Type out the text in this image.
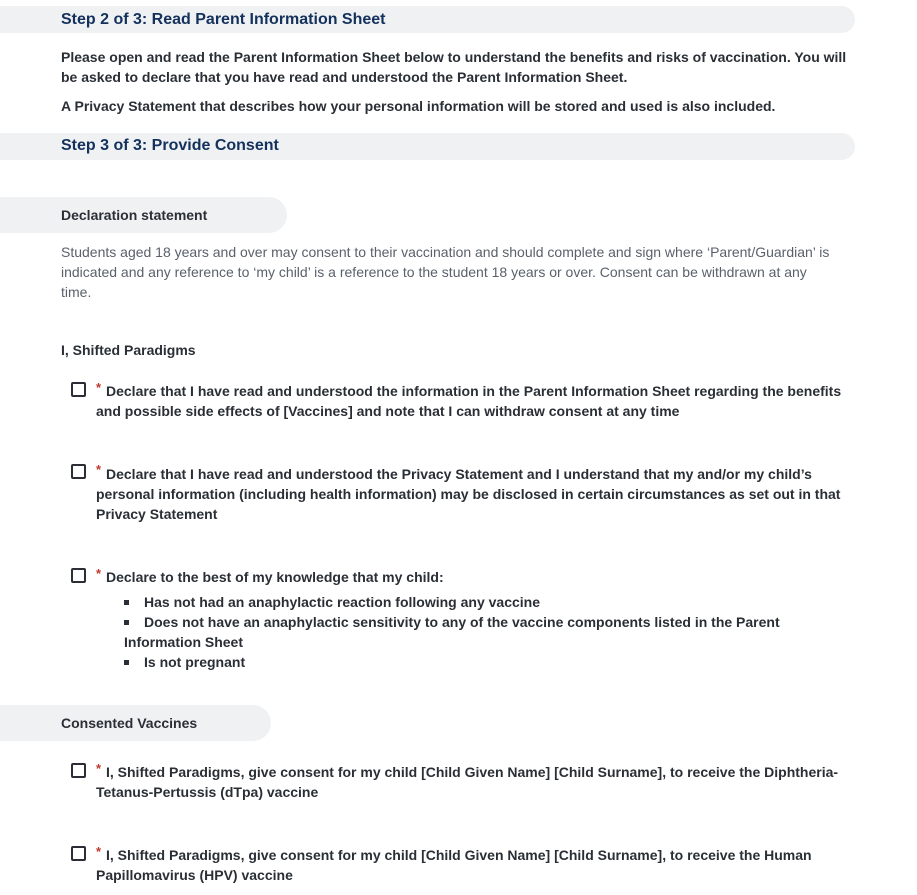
Step 2 of 3: Read Parent Information Sheet
Please open and read the Parent Information Sheet below to understand the benefits and risks of vaccination. You will be asked to declare that you have read and understood the Parent Information Sheet.
A Privacy Statement that describes how your personal information will be stored and used is also included.
Step 3 of 3: Provide Consent
Declaration statement
Students aged 18 years and over may consent to their vaccination and should complete and sign where ‘Parent/Guardian’ is indicated and any reference to ‘my child’ is a reference to the student 18 years or over. Consent can be withdrawn at any time.
I, Shifted Paradigms
* Declare that I have read and understood the information in the Parent Information Sheet regarding the benefits and possible side effects of [Vaccines] and note that I can withdraw consent at any time
* Declare that I have read and understood the Privacy Statement and I understand that my and/or my child’s personal information (including health information) may be disclosed in certain circumstances as set out in that Privacy Statement
* Declare to the best of my knowledge that my child:
Has not had an anaphylactic reaction following any vaccine
Does not have an anaphylactic sensitivity to any of the vaccine components listed in the Parent
Information Sheet
Is not pregnant
Consented Vaccines
* I, Shifted Paradigms, give consent for my child [Child Given Name] [Child Surname], to receive the Diphtheria-Tetanus-Pertussis (dTpa) vaccine
* I, Shifted Paradigms, give consent for my child [Child Given Name] [Child Surname], to receive the Human Papillomavirus (HPV) vaccine
